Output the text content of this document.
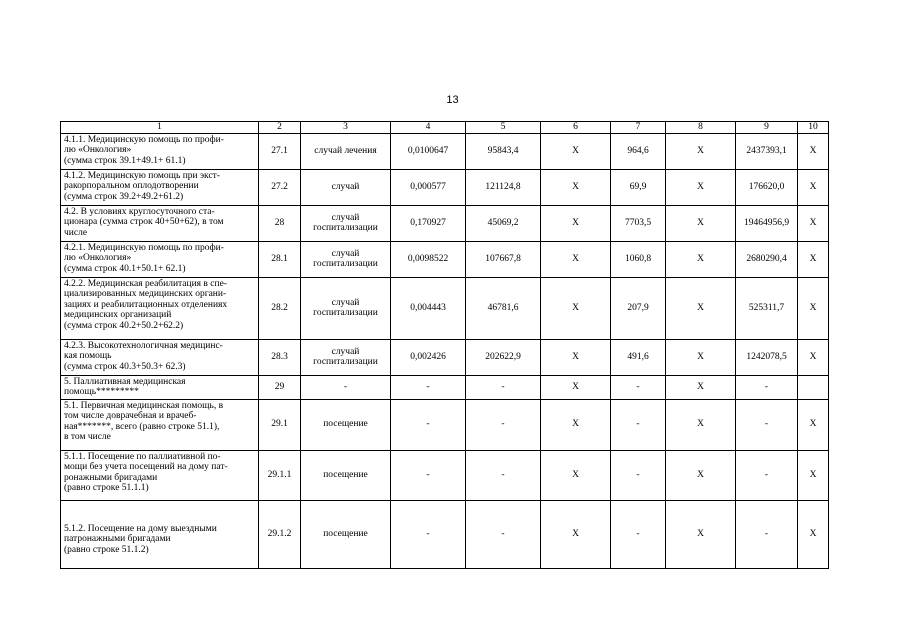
13
1	2	3	4	5	6	7	8	9	10
4.1.1. Медицинскую помощь по профи-
лю «Онкология»
(сумма строк 39.1+49.1+ 61.1)	27.1	случай лечения	0,0100647	95843,4	X	964,6	X	2437393,1	X
4.1.2. Медицинскую помощь при экст-
ракорпоральном оплодотворении
(сумма строк 39.2+49.2+61.2)	27.2	случай	0,000577	121124,8	X	69,9	X	176620,0	X
4.2. В условиях круглосуточного ста-
ционара (сумма строк 40+50+62), в том
числе	28	случай
госпитализации	0,170927	45069,2	X	7703,5	X	19464956,9	X
4.2.1. Медицинскую помощь по профи-
лю «Онкология»
(сумма строк 40.1+50.1+ 62.1)	28.1	случай
госпитализации	0,0098522	107667,8	X	1060,8	X	2680290,4	X
4.2.2. Медицинская реабилитация в спе-
циализированных медицинских органи-
зациях и реабилитационных отделениях
медицинских организаций
(сумма строк 40.2+50.2+62.2)	28.2	случай
госпитализации	0,004443	46781,6	X	207,9	X	525311,7	X
4.2.3. Высокотехнологичная медицинс-
кая помощь
(сумма строк 40.3+50.3+ 62.3)	28.3	случай
госпитализации	0,002426	202622,9	X	491,6	X	1242078,5	X
5. Паллиативная медицинская
помощь*********	29	-	-	-	X	-	X	-	
5.1. Первичная медицинская помощь, в
том числе доврачебная и врачеб-
ная*******, всего (равно строке 51.1),
в том числе	29.1	посещение	-	-	X	-	X	-	X
5.1.1. Посещение по паллиативной по-
мощи без учета посещений на дому пат-
ронажными бригадами
(равно строке 51.1.1)	29.1.1	посещение	-	-	X	-	X	-	X

5.1.2. Посещение на дому выездными
патронажными бригадами
(равно строке 51.1.2)	29.1.2	посещение	-	-	X	-	X	-	X
